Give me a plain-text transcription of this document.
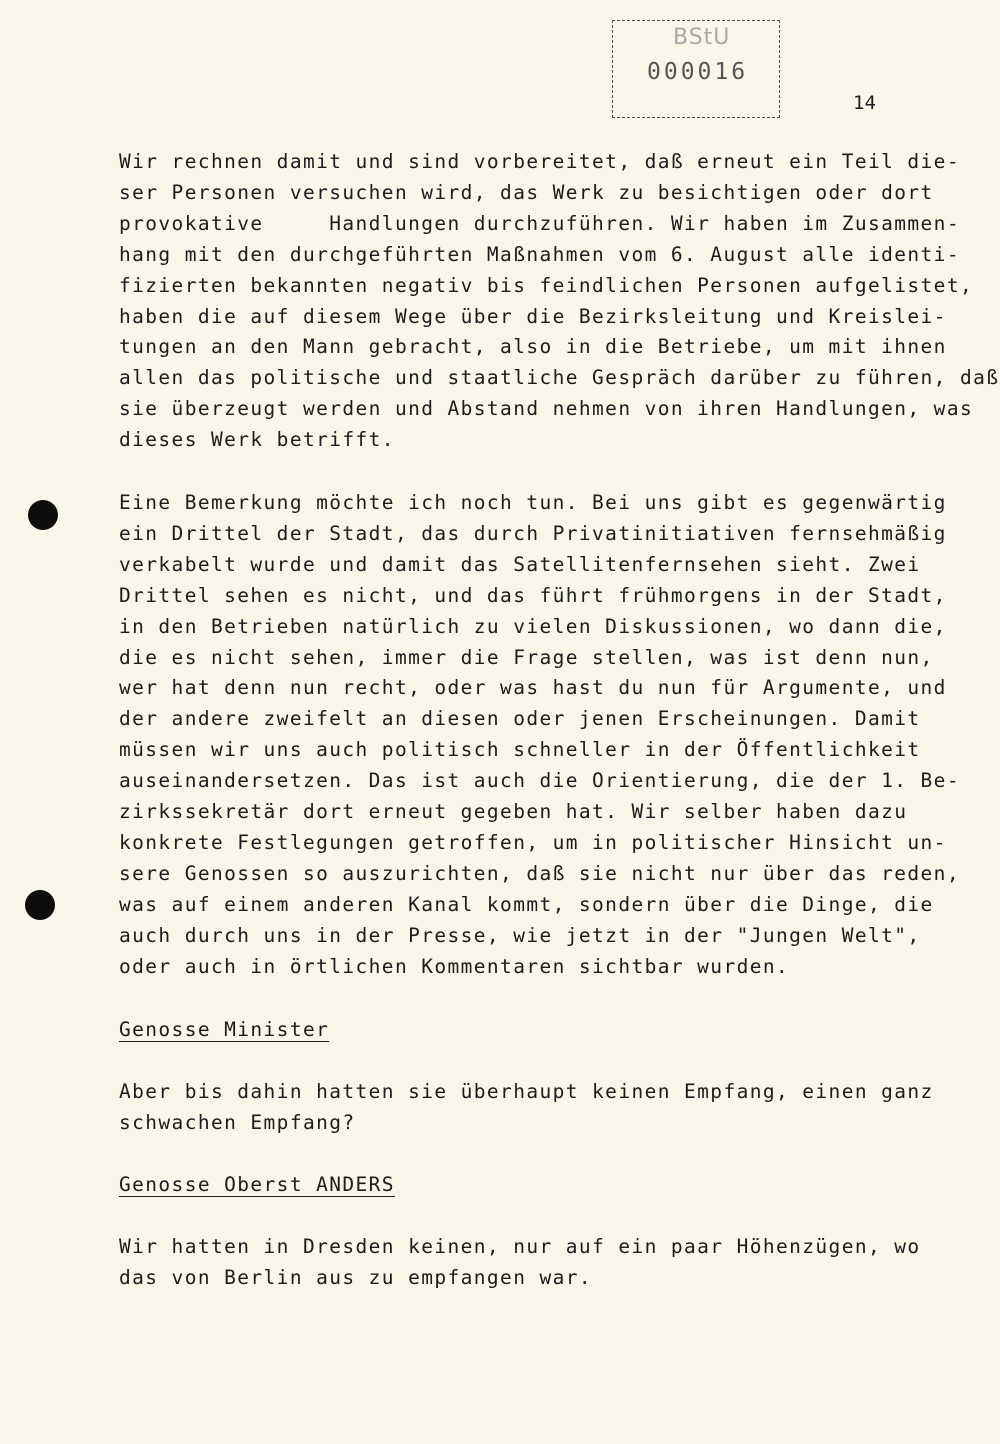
BStU
000016
14
Wir rechnen damit und sind vorbereitet, daß erneut ein Teil die-
ser Personen versuchen wird, das Werk zu besichtigen oder dort
provokative     Handlungen durchzuführen. Wir haben im Zusammen-
hang mit den durchgeführten Maßnahmen vom 6. August alle identi-
fizierten bekannten negativ bis feindlichen Personen aufgelistet,
haben die auf diesem Wege über die Bezirksleitung und Kreislei-
tungen an den Mann gebracht, also in die Betriebe, um mit ihnen
allen das politische und staatliche Gespräch darüber zu führen, daß
sie überzeugt werden und Abstand nehmen von ihren Handlungen, was
dieses Werk betrifft.
Eine Bemerkung möchte ich noch tun. Bei uns gibt es gegenwärtig
ein Drittel der Stadt, das durch Privatinitiativen fernsehmäßig
verkabelt wurde und damit das Satellitenfernsehen sieht. Zwei
Drittel sehen es nicht, und das führt frühmorgens in der Stadt,
in den Betrieben natürlich zu vielen Diskussionen, wo dann die,
die es nicht sehen, immer die Frage stellen, was ist denn nun,
wer hat denn nun recht, oder was hast du nun für Argumente, und
der andere zweifelt an diesen oder jenen Erscheinungen. Damit
müssen wir uns auch politisch schneller in der Öffentlichkeit
auseinandersetzen. Das ist auch die Orientierung, die der 1. Be-
zirkssekretär dort erneut gegeben hat. Wir selber haben dazu
konkrete Festlegungen getroffen, um in politischer Hinsicht un-
sere Genossen so auszurichten, daß sie nicht nur über das reden,
was auf einem anderen Kanal kommt, sondern über die Dinge, die
auch durch uns in der Presse, wie jetzt in der "Jungen Welt",
oder auch in örtlichen Kommentaren sichtbar wurden.
Genosse Minister
Aber bis dahin hatten sie überhaupt keinen Empfang, einen ganz
schwachen Empfang?
Genosse Oberst ANDERS
Wir hatten in Dresden keinen, nur auf ein paar Höhenzügen, wo
das von Berlin aus zu empfangen war.
